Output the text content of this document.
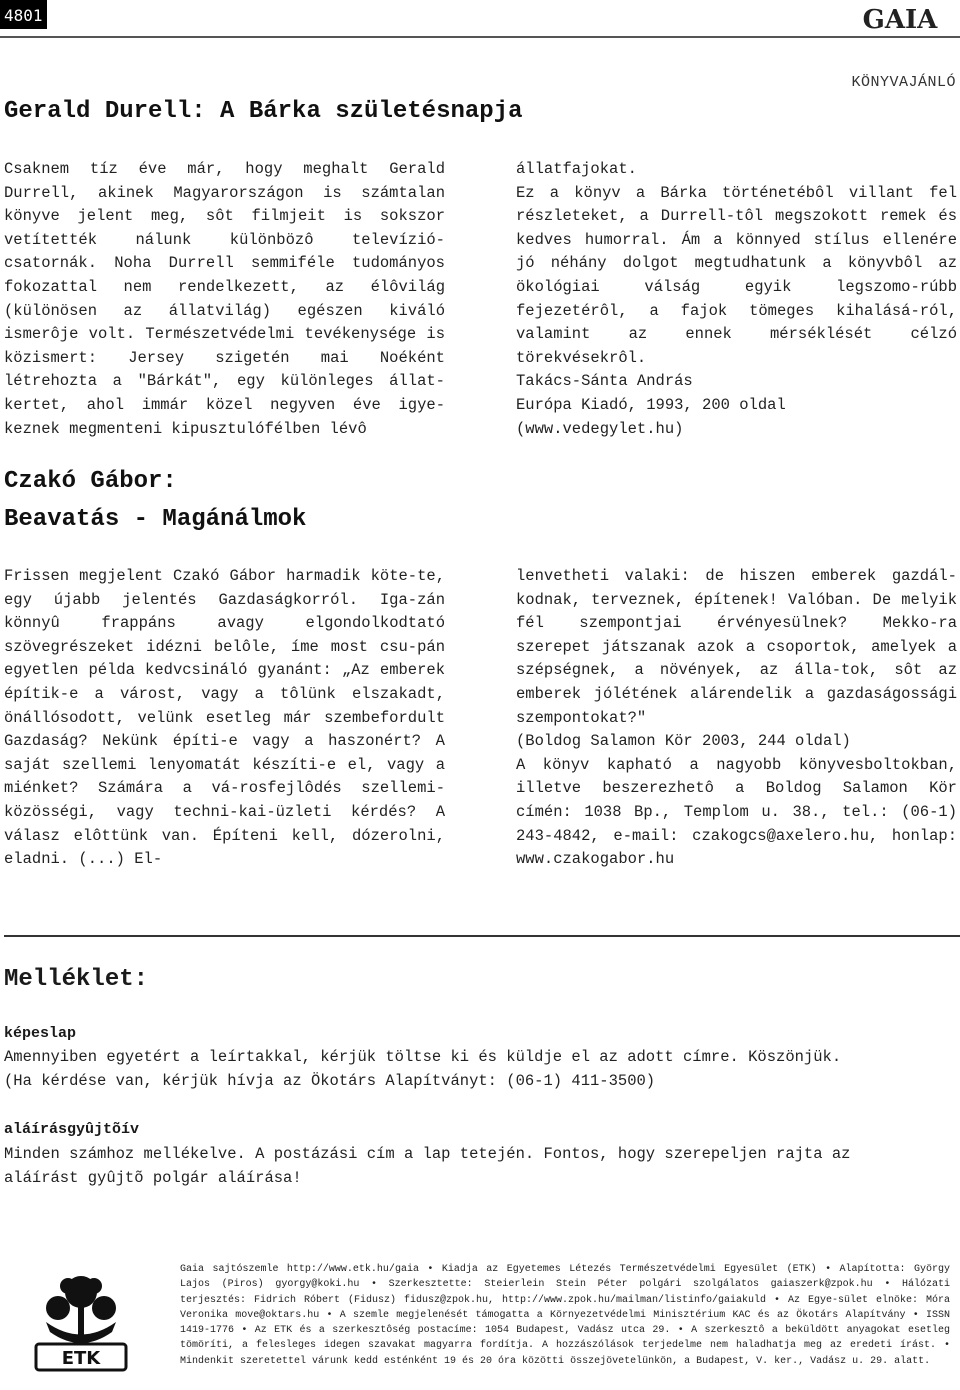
4801	GAIA
KÖNYVAJÁNLÓ
Gerald Durell: A Bárka születésnapja

Csaknem tíz éve már, hogy meghalt Gerald Durrell, akinek Magyarországon is számtalan könyve jelent meg, sôt filmjeit is sokszor vetítették nálunk különbözô televízió-csatornák. Noha Durrell semmiféle tudományos fokozattal nem rendelkezett, az élôvilág (különösen az állatvilág) egészen kiváló ismerôje volt. Természetvédelmi tevékenysége is közismert: Jersey szigetén mai Noéként létrehozta a "Bárkát", egy különleges állat-kertet, ahol immár közel negyven éve igye-keznek megmenteni kipusztulófélben lévô

állatfajokat.

Ez a könyv a Bárka történetébôl villant fel részleteket, a Durrell-tôl megszokott remek és kedves humorral. Ám a könnyed stílus ellenére jó néhány dolgot megtudhatunk a könyvbôl az ökológiai válság egyik legszomo-rúbb fejezetérôl, a fajok tömeges kihalásá-ról, valamint az ennek mérséklését célzó törekvésekrôl.

Takács-Sánta András

Európa Kiadó, 1993, 200 oldal

(www.vedegylet.hu)

Czakó Gábor:
Beavatás - Magánálmok

Frissen megjelent Czakó Gábor harmadik köte-te, egy újabb jelentés Gazdaságkorról. Iga-zán könnyû frappáns avagy elgondolkodtató szövegrészeket idézni belôle, íme most csu-pán egyetlen példa kedvcsináló gyanánt: „Az emberek építik-e a várost, vagy a tôlünk elszakadt, önállósodott, velünk esetleg már szembefordult Gazdaság? Nekünk építi-e vagy a haszonért? A saját szellemi lenyomatát készíti-e el, vagy a miénket? Számára a vá-rosfejlôdés szellemi-közösségi, vagy techni-kai-üzleti kérdés? A válasz elôttünk van. Építeni kell, dózerolni, eladni. (...) El-

lenvetheti valaki: de hiszen emberek gazdál-kodnak, terveznek, építenek! Valóban. De melyik fél szempontjai érvényesülnek? Mekko-ra szerepet játszanak azok a csoportok, amelyek a szépségnek, a növények, az álla-tok, sôt az emberek jólétének alárendelik a gazdaságossági szempontokat?"

(Boldog Salamon Kör 2003, 244 oldal)

A könyv kapható a nagyobb könyvesboltokban, illetve beszerezhetô a Boldog Salamon Kör címén: 1038 Bp., Templom u. 38., tel.: (06-1) 243-4842, e-mail: czakogcs@axelero.hu, honlap: www.czakogabor.hu

Melléklet:

képeslap

Amennyiben egyetért a leírtakkal, kérjük töltse ki és küldje el az adott címre. Köszönjük.

(Ha kérdése van, kérjük hívja az Ökotárs Alapítványt: (06-1) 411-3500)

aláírásgyûjtõív

Minden számhoz mellékelve. A postázási cím a lap tetején. Fontos, hogy szerepeljen rajta az

aláírást gyûjtõ polgár aláírása!

ETK
Gaia sajtószemle http://www.etk.hu/gaia • Kiadja az Egyetemes Létezés Természetvédelmi Egyesület (ETK) • Alapította: György Lajos (Piros) gyorgy@koki.hu • Szerkesztette: Steierlein Stein Péter polgári szolgálatos gaiaszerk@zpok.hu • Hálózati terjesztés: Fidrich Róbert (Fidusz) fidusz@zpok.hu, http://www.zpok.hu/mailman/listinfo/gaiakuld • Az Egye-sület elnöke: Móra Veronika move@oktars.hu • A szemle megjelenését támogatta a Környezetvédelmi Minisztérium KAC és az Ökotárs Alapítvány • ISSN 1419-1776 • Az ETK és a szerkesztôség postacíme: 1054 Budapest, Vadász utca 29. • A szerkesztô a beküldött anyagokat esetleg tömöríti, a felesleges idegen szavakat magyarra fordítja. A hozzászólások terjedelme nem haladhatja meg az eredeti írást. • Mindenkit szeretettel várunk kedd esténként 19 és 20 óra közötti összejövetelünkön, a Budapest, V. ker., Vadász u. 29. alatt.
